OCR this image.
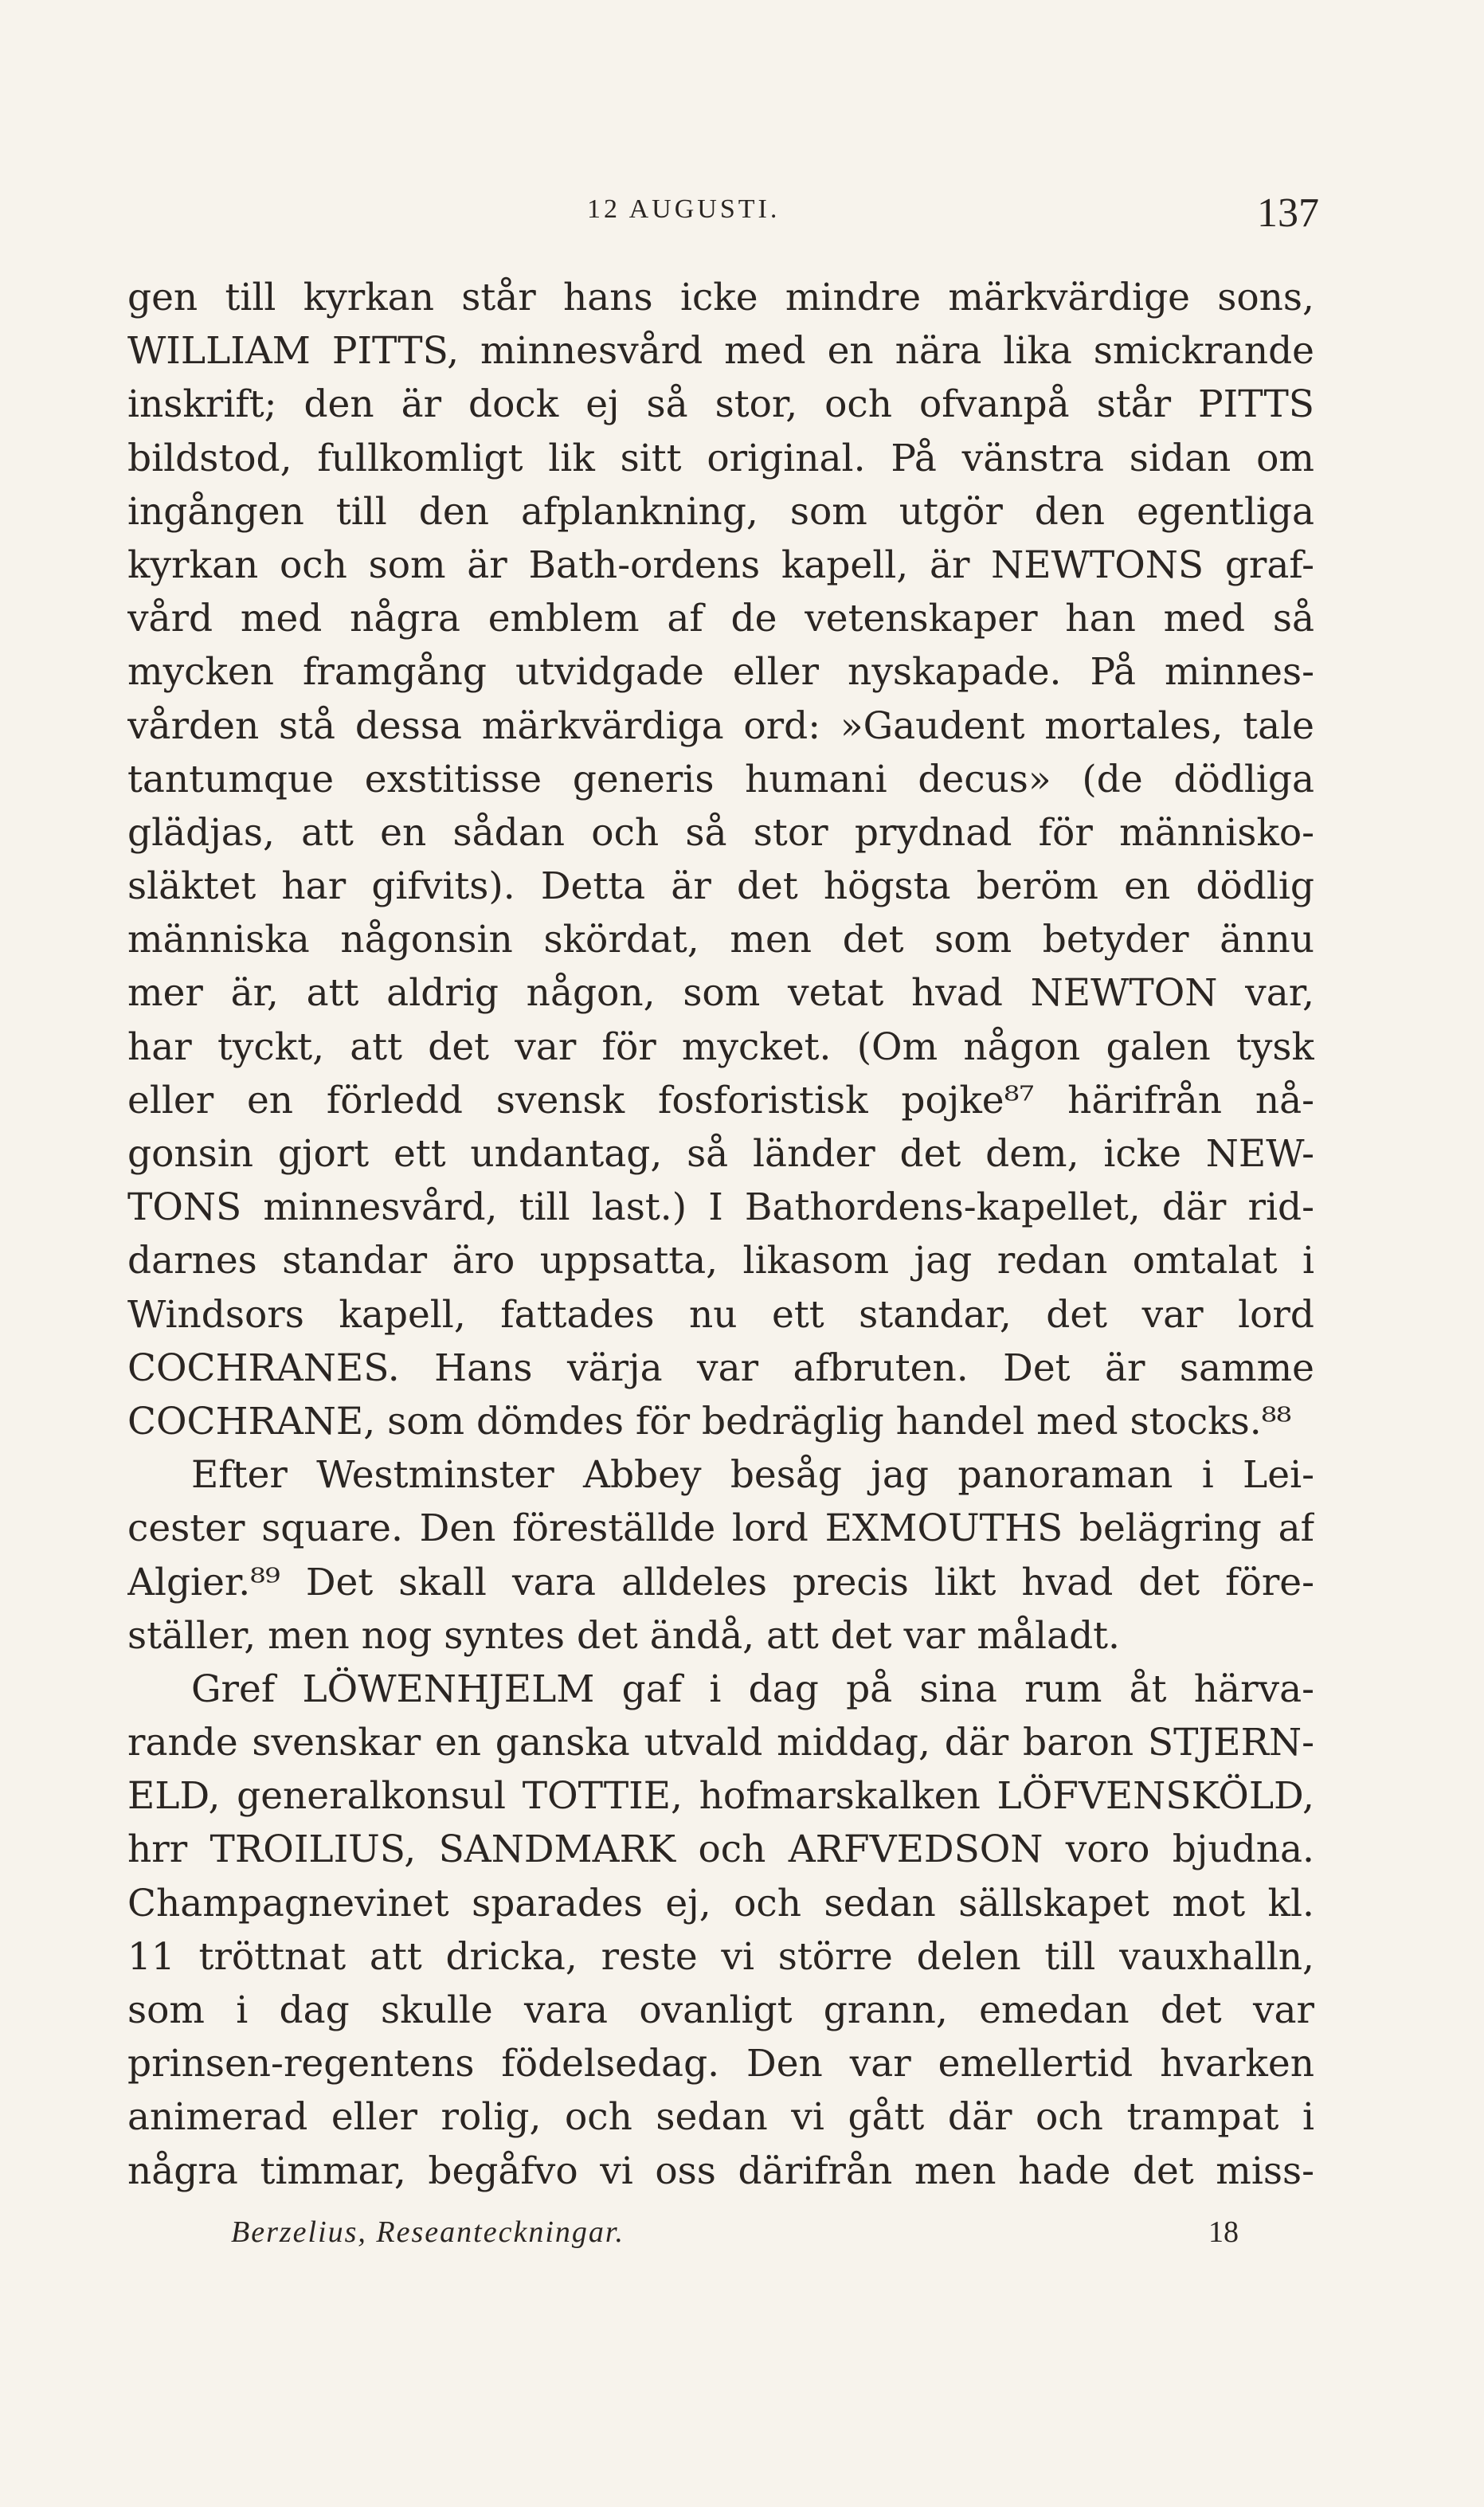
12 AUGUSTI.	137
gen till kyrkan står hans icke mindre märkvärdige sons,
WILLIAM PITTS, minnesvård med en nära lika smickrande
inskrift; den är dock ej så stor, och ofvanpå står PITTS
bildstod, fullkomligt lik sitt original. På vänstra sidan om
ingången till den afplankning, som utgör den egentliga
kyrkan och som är Bath-ordens kapell, är NEWTONS graf-
vård med några emblem af de vetenskaper han med så
mycken framgång utvidgade eller nyskapade. På minnes-
vården stå dessa märkvärdiga ord: »Gaudent mortales, tale
tantumque exstitisse generis humani decus» (de dödliga
glädjas, att en sådan och så stor prydnad för människo-
släktet har gifvits). Detta är det högsta beröm en dödlig
människa någonsin skördat, men det som betyder ännu
mer är, att aldrig någon, som vetat hvad NEWTON var,
har tyckt, att det var för mycket. (Om någon galen tysk
eller en förledd svensk fosforistisk pojke⁸⁷ härifrån nå-
gonsin gjort ett undantag, så länder det dem, icke NEW-
TONS minnesvård, till last.) I Bathordens-kapellet, där rid-
darnes standar äro uppsatta, likasom jag redan omtalat i
Windsors kapell, fattades nu ett standar, det var lord
COCHRANES. Hans värja var afbruten. Det är samme
COCHRANE, som dömdes för bedräglig handel med stocks.⁸⁸
Efter Westminster Abbey besåg jag panoraman i Lei-
cester square. Den föreställde lord EXMOUTHS belägring af
Algier.⁸⁹ Det skall vara alldeles precis likt hvad det före-
ställer, men nog syntes det ändå, att det var måladt.
Gref LÖWENHJELM gaf i dag på sina rum åt härva-
rande svenskar en ganska utvald middag, där baron STJERN-
ELD, generalkonsul TOTTIE, hofmarskalken LÖFVENSKÖLD,
hrr TROILIUS, SANDMARK och ARFVEDSON voro bjudna.
Champagnevinet sparades ej, och sedan sällskapet mot kl.
11 tröttnat att dricka, reste vi större delen till vauxhalln,
som i dag skulle vara ovanligt grann, emedan det var
prinsen-regentens födelsedag. Den var emellertid hvarken
animerad eller rolig, och sedan vi gått där och trampat i
några timmar, begåfvo vi oss därifrån men hade det miss-
Berzelius, Reseanteckningar.	18
